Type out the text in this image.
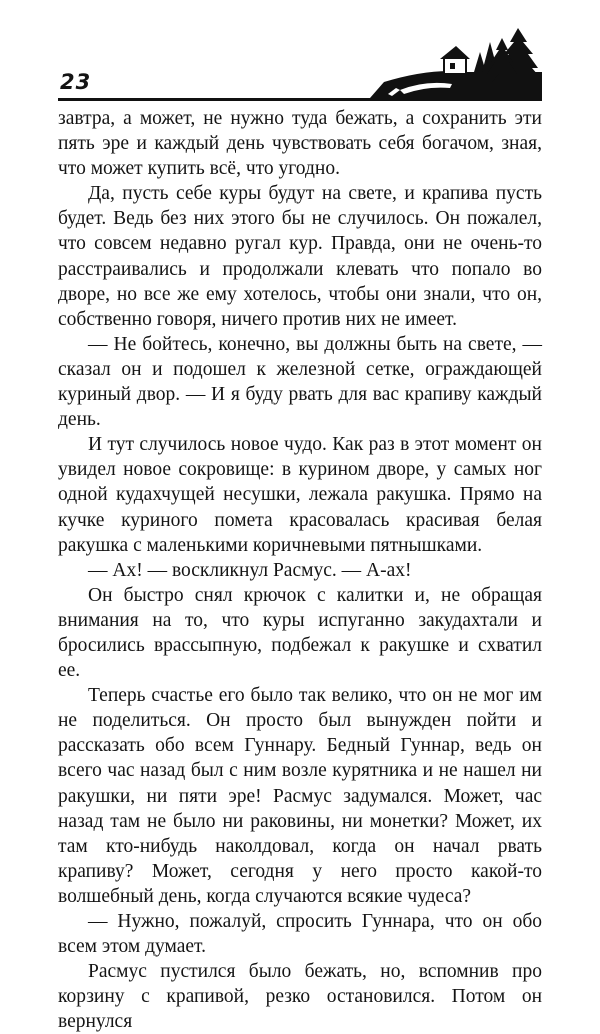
23

завтра, а может, не нужно туда бежать, а сохранить эти пять эре и каждый день чувствовать себя богачом, зная, что может купить всё, что угодно.

Да, пусть себе куры будут на свете, и крапива пусть будет. Ведь без них этого бы не случилось. Он пожалел, что совсем недавно ругал кур. Правда, они не очень-то расстраивались и продолжали клевать что попало во дворе, но все же ему хотелось, чтобы они знали, что он, собственно говоря, ничего против них не имеет.

— Не бойтесь, конечно, вы должны быть на свете, — сказал он и подошел к железной сетке, ограждающей куриный двор. — И я буду рвать для вас крапиву каждый день.

И тут случилось новое чудо. Как раз в этот момент он увидел новое сокровище: в курином дворе, у самых ног одной кудахчущей несушки, лежала ракушка. Прямо на кучке куриного помета красовалась красивая белая ракушка с маленькими коричневыми пятнышками.

— Ах! — воскликнул Расмус. — А-ах!

Он быстро снял крючок с калитки и, не обращая внимания на то, что куры испуганно закудахтали и бросились врассыпную, подбежал к ракушке и схватил ее.

Теперь счастье его было так велико, что он не мог им не поделиться. Он просто был вынужден пойти и рассказать обо всем Гуннару. Бедный Гуннар, ведь он всего час назад был с ним возле курятника и не нашел ни ракушки, ни пяти эре! Расмус задумался. Может, час назад там не было ни раковины, ни монетки? Может, их там кто-нибудь наколдовал, когда он начал рвать крапиву? Может, сегодня у него просто какой-то волшебный день, когда случаются всякие чудеса?

— Нужно, пожалуй, спросить Гуннара, что он обо всем этом думает.

Расмус пустился было бежать, но, вспомнив про корзину с крапивой, резко остановился. Потом он вернулся
